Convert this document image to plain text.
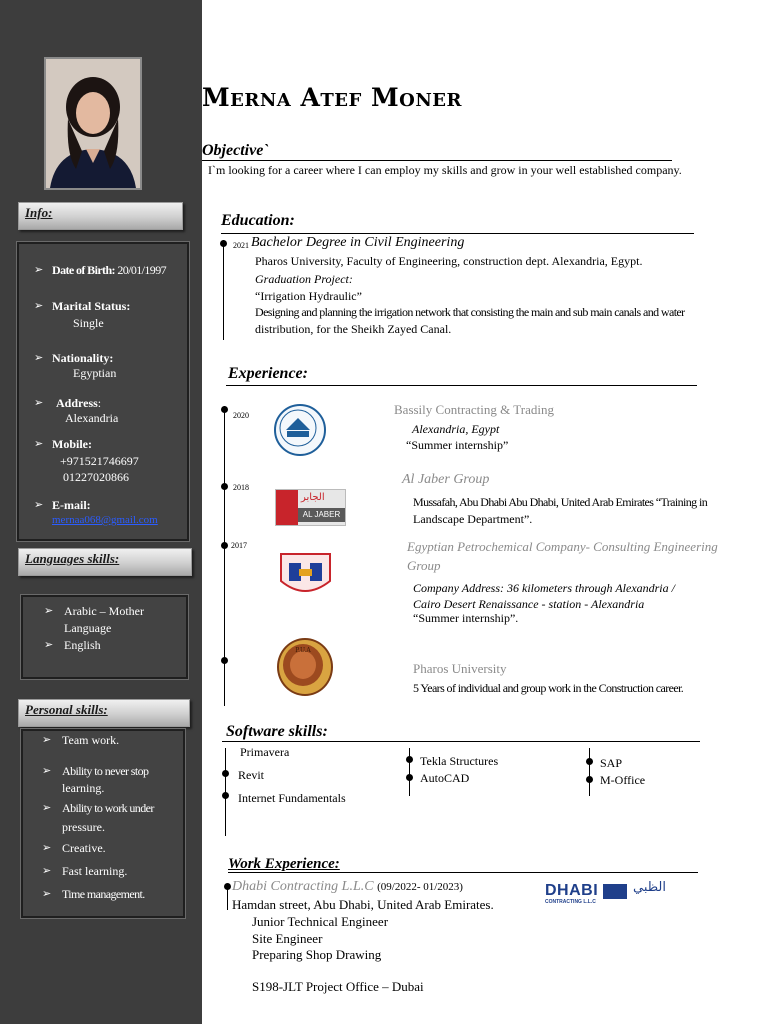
Info:
➢ Date of Birth: 20/01/1997
➢ Marital Status:
Single
➢ Nationality:
Egyptian
➢ Address:
Alexandria
➢ Mobile:
+971521746697
01227020866
➢ E-mail:
mernaa068@gmail.com
Languages skills:
➢ Arabic – Mother
Language
➢ English
Personal skills:
➢ Team work.
➢ Ability to never stop
learning.
➢ Ability to work under
pressure.
➢ Creative.
➢ Fast learning.
➢ Time management.
Merna Atef Moner
Objective`
I`m looking for a career where I can employ my skills and grow in your well established company.
Education:
2021 Bachelor Degree in Civil Engineering
Pharos University, Faculty of Engineering, construction dept. Alexandria, Egypt.
Graduation Project:
“Irrigation Hydraulic”
Designing and planning the irrigation network that consisting the main and sub main canals and water
distribution, for the Sheikh Zayed Canal.
Experience:
2020	Bassily Contracting & Trading
Alexandria, Egypt
“Summer internship”
2018
الجابر
AL JABER
Al Jaber Group
Mussafah, Abu Dhabi Abu Dhabi, United Arab Emirates “Training in
Landscape Department”.
2017	Egyptian Petrochemical Company- Consulting Engineering
Group
Company Address: 36 kilometers through Alexandria /
Cairo Desert Renaissance - station - Alexandria
“Summer internship”.
P.U.A
Pharos University
5 Years of individual and group work in the Construction career.
Software skills:
Primavera
Revit
Internet Fundamentals
Tekla Structures
AutoCAD
SAP
M-Office
Work Experience:
Dhabi Contracting L.L.C (09/2022- 01/2023)
Hamdan street, Abu Dhabi, United Arab Emirates.
Junior Technical Engineer
Site Engineer
Preparing Shop Drawing
S198-JLT Project Office – Dubai
DHABI	الظبي
CONTRACTING L.L.C
